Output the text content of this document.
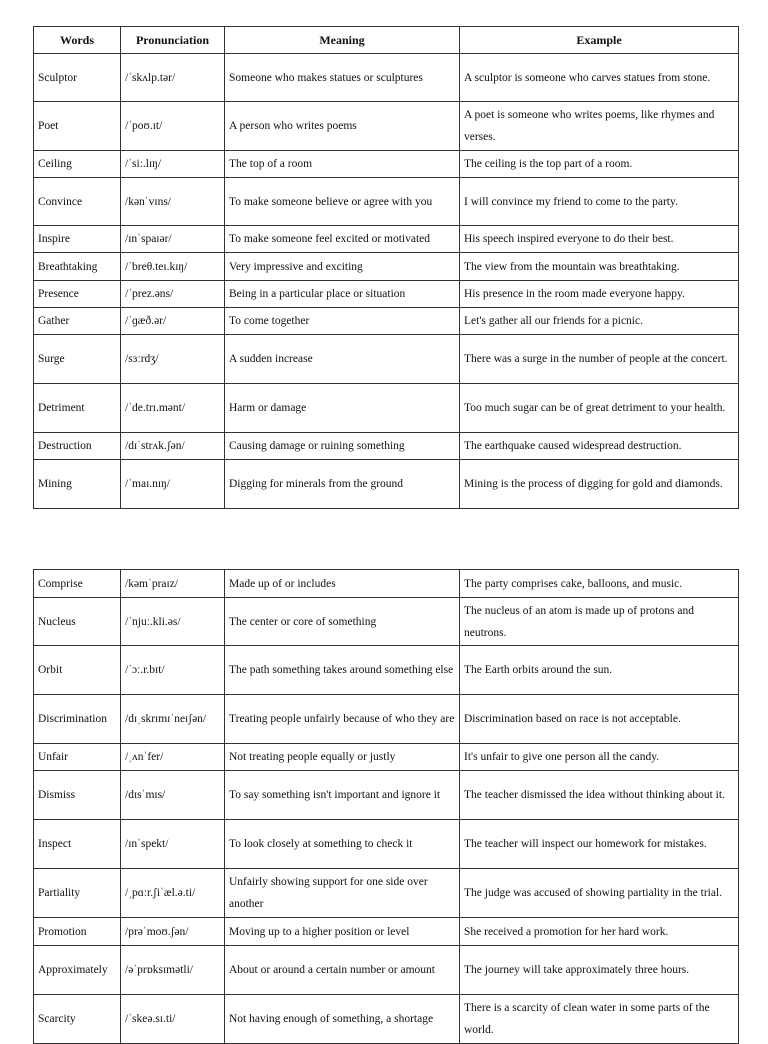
Words	Pronunciation	Meaning	Example
Sculptor	/ˈskʌlp.tər/	Someone who makes statues or sculptures	A sculptor is someone who carves statues from stone.
Poet	/ˈpoʊ.ɪt/	A person who writes poems	A poet is someone who writes poems, like rhymes and verses.
Ceiling	/ˈsiː.lɪŋ/	The top of a room	The ceiling is the top part of a room.
Convince	/kənˈvɪns/	To make someone believe or agree with you	I will convince my friend to come to the party.
Inspire	/ɪnˈspaɪər/	To make someone feel excited or motivated	His speech inspired everyone to do their best.
Breathtaking	/ˈbreθ.teɪ.kɪŋ/	Very impressive and exciting	The view from the mountain was breathtaking.
Presence	/ˈprez.əns/	Being in a particular place or situation	His presence in the room made everyone happy.
Gather	/ˈɡæð.ər/	To come together	Let's gather all our friends for a picnic.
Surge	/sɜːrdʒ/	A sudden increase	There was a surge in the number of people at the concert.
Detriment	/ˈde.trɪ.mənt/	Harm or damage	Too much sugar can be of great detriment to your health.
Destruction	/dɪˈstrʌk.ʃən/	Causing damage or ruining something	The earthquake caused widespread destruction.
Mining	/ˈmaɪ.nɪŋ/	Digging for minerals from the ground	Mining is the process of digging for gold and diamonds.
Comprise	/kəmˈpraɪz/	Made up of or includes	The party comprises cake, balloons, and music.
Nucleus	/ˈnjuː.kli.əs/	The center or core of something	The nucleus of an atom is made up of protons and neutrons.
Orbit	/ˈɔː.r.bɪt/	The path something takes around something else	The Earth orbits around the sun.
Discrimination	/dɪˌskrɪmɪˈneɪʃən/	Treating people unfairly because of who they are	Discrimination based on race is not acceptable.
Unfair	/ˌʌnˈfer/	Not treating people equally or justly	It's unfair to give one person all the candy.
Dismiss	/dɪsˈmɪs/	To say something isn't important and ignore it	The teacher dismissed the idea without thinking about it.
Inspect	/ɪnˈspekt/	To look closely at something to check it	The teacher will inspect our homework for mistakes.
Partiality	/ˌpɑːr.ʃiˈæl.ə.ti/	Unfairly showing support for one side over another	The judge was accused of showing partiality in the trial.
Promotion	/prəˈmoʊ.ʃən/	Moving up to a higher position or level	She received a promotion for her hard work.
Approximately	/əˈprɒksɪmətli/	About or around a certain number or amount	The journey will take approximately three hours.
Scarcity	/ˈskeə.sɪ.ti/	Not having enough of something, a shortage	There is a scarcity of clean water in some parts of the world.
